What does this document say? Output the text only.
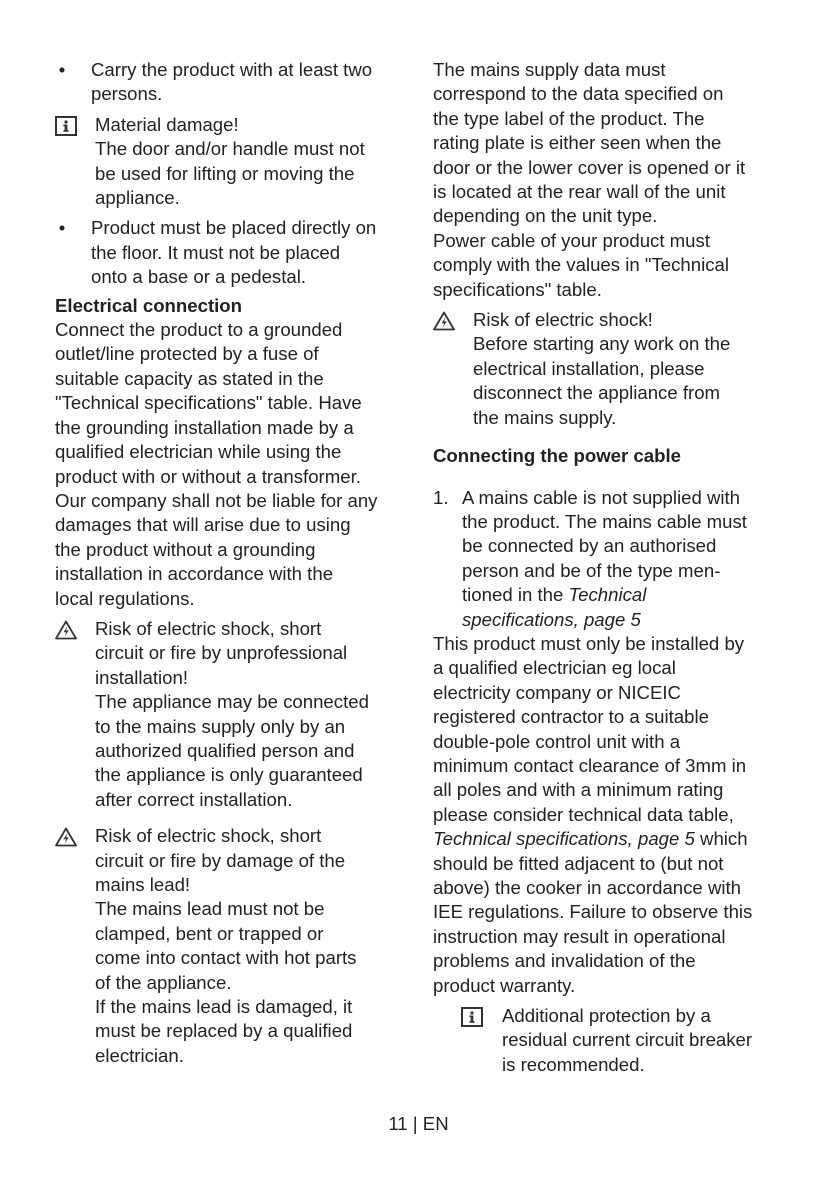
• Carry the product with at least two
persons.

Material damage!
The door and/or handle must not
be used for lifting or moving the
appliance.

• Product must be placed directly on
the floor. It must not be placed
onto a base or a pedestal.

Electrical connection

Connect the product to a grounded
outlet/line protected by a fuse of
suitable capacity as stated in the
"Technical specifications" table. Have
the grounding installation made by a
qualified electrician while using the
product with or without a transformer.
Our company shall not be liable for any
damages that will arise due to using
the product without a grounding
installation in accordance with the
local regulations.

Risk of electric shock, short
circuit or fire by unprofessional
installation!
The appliance may be connected
to the mains supply only by an
authorized qualified person and
the appliance is only guaranteed
after correct installation.

Risk of electric shock, short
circuit or fire by damage of the
mains lead!
The mains lead must not be
clamped, bent or trapped or
come into contact with hot parts
of the appliance.
If the mains lead is damaged, it
must be replaced by a qualified
electrician.

The mains supply data must
correspond to the data specified on
the type label of the product. The
rating plate is either seen when the
door or the lower cover is opened or it
is located at the rear wall of the unit
depending on the unit type.
Power cable of your product must
comply with the values in "Technical
specifications" table.

Risk of electric shock!
Before starting any work on the
electrical installation, please
disconnect the appliance from
the mains supply.

Connecting the power cable

1. A mains cable is not supplied with
the product. The mains cable must
be connected by an authorised
person and be of the type men-
tioned in the Technical
specifications, page 5

This product must only be installed by
a qualified electrician eg local
electricity company or NICEIC
registered contractor to a suitable
double-pole control unit with a
minimum contact clearance of 3mm in
all poles and with a minimum rating
please consider technical data table,
Technical specifications, page 5 which
should be fitted adjacent to (but not
above) the cooker in accordance with
IEE regulations. Failure to observe this
instruction may result in operational
problems and invalidation of the
product warranty.

Additional protection by a
residual current circuit breaker
is recommended.

11 | EN
